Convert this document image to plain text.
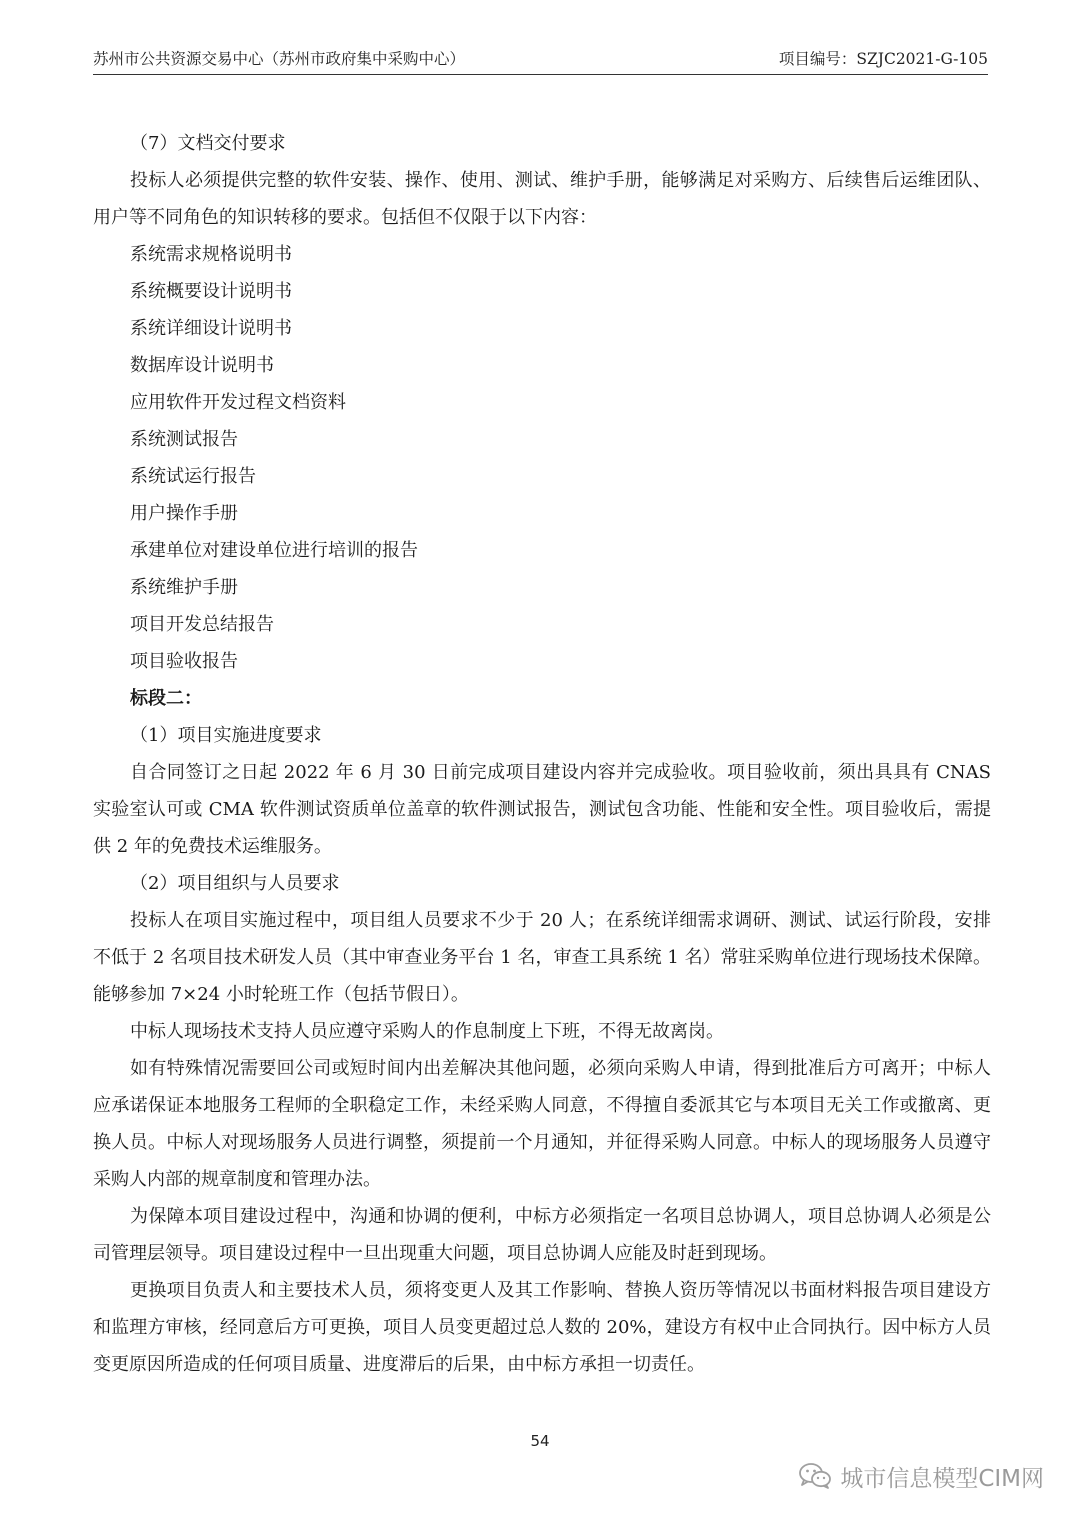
苏州市公共资源交易中心（苏州市政府集中采购中心）	项目编号：SZJC2021-G-105

（7）文档交付要求

投标人必须提供完整的软件安装、操作、使用、测试、维护手册，能够满足对采购方、后续售后运维团队、用户等不同角色的知识转移的要求。包括但不仅限于以下内容：

系统需求规格说明书

系统概要设计说明书

系统详细设计说明书

数据库设计说明书

应用软件开发过程文档资料

系统测试报告

系统试运行报告

用户操作手册

承建单位对建设单位进行培训的报告

系统维护手册

项目开发总结报告

项目验收报告

标段二：

（1）项目实施进度要求

自合同签订之日起 2022 年 6 月 30 日前完成项目建设内容并完成验收。项目验收前，须出具具有 CNAS 实验室认可或 CMA 软件测试资质单位盖章的软件测试报告，测试包含功能、性能和安全性。项目验收后，需提供 2 年的免费技术运维服务。

（2）项目组织与人员要求

投标人在项目实施过程中，项目组人员要求不少于 20 人；在系统详细需求调研、测试、试运行阶段，安排不低于 2 名项目技术研发人员（其中审查业务平台 1 名，审查工具系统 1 名）常驻采购单位进行现场技术保障。能够参加 7×24 小时轮班工作（包括节假日）。

中标人现场技术支持人员应遵守采购人的作息制度上下班，不得无故离岗。

如有特殊情况需要回公司或短时间内出差解决其他问题，必须向采购人申请，得到批准后方可离开；中标人应承诺保证本地服务工程师的全职稳定工作，未经采购人同意，不得擅自委派其它与本项目无关工作或撤离、更换人员。中标人对现场服务人员进行调整，须提前一个月通知，并征得采购人同意。中标人的现场服务人员遵守采购人内部的规章制度和管理办法。

为保障本项目建设过程中，沟通和协调的便利，中标方必须指定一名项目总协调人，项目总协调人必须是公司管理层领导。项目建设过程中一旦出现重大问题，项目总协调人应能及时赶到现场。

更换项目负责人和主要技术人员，须将变更人及其工作影响、替换人资历等情况以书面材料报告项目建设方和监理方审核，经同意后方可更换，项目人员变更超过总人数的 20%，建设方有权中止合同执行。因中标方人员变更原因所造成的任何项目质量、进度滞后的后果，由中标方承担一切责任。

54
城市信息模型CIM网
